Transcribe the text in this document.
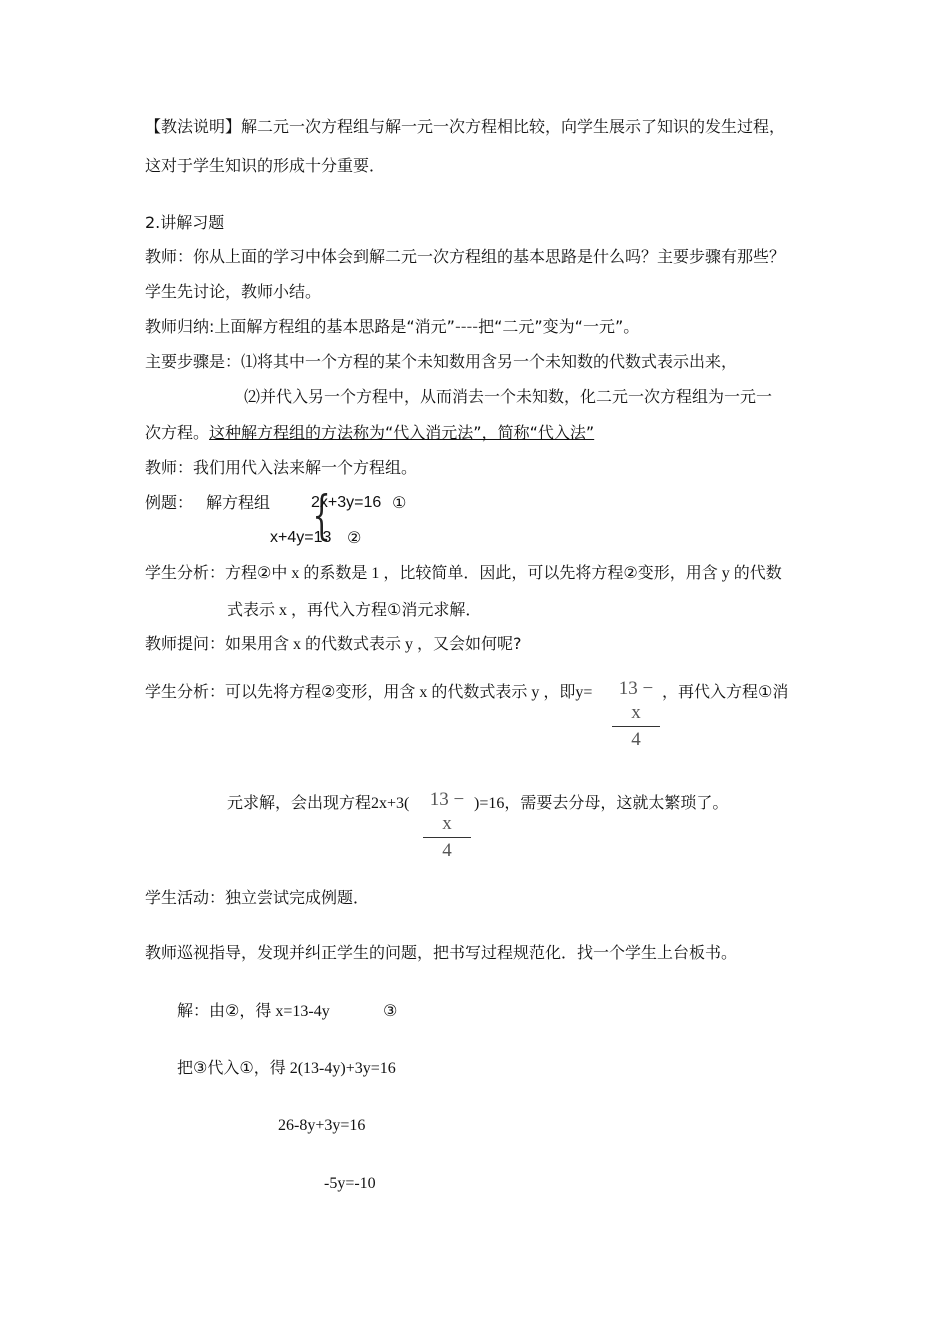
【教法说明】解二元一次方程组与解一元一次方程相比较，向学生展示了知识的发生过程，
这对于学生知识的形成十分重要．
2.讲解习题
教师：你从上面的学习中体会到解二元一次方程组的基本思路是什么吗？主要步骤有那些？
学生先讨论，教师小结。
教师归纳:上面解方程组的基本思路是“消元”----把“二元”变为“一元”。
主要步骤是：⑴将其中一个方程的某个未知数用含另一个未知数的代数式表示出来，
⑵并代入另一个方程中，从而消去一个未知数，化二元一次方程组为一元一
次方程。这种解方程组的方法称为“代入消元法”，简称“代入法”
教师：我们用代入法来解一个方程组。
例题： 解方程组 {
2x+3y=16 ①
x+4y=13 ②
学生分析：方程②中 x 的系数是 1 ，比较简单．因此，可以先将方程②变形，用含 y 的代数
式表示 x ，再代入方程①消元求解．
教师提问：如果用含 x 的代数式表示 y ，又会如何呢?
学生分析：可以先将方程②变形，用含 x 的代数式表示 y ，即y=	13 − x
4
，再代入方程①消
元求解，会出现方程2x+3(	13 − x
4
)=16，需要去分母，这就太繁琐了。
学生活动：独立尝试完成例题．
教师巡视指导，发现并纠正学生的问题，把书写过程规范化．找一个学生上台板书。
解：由②，得 x=13-4y	③
把③代入①，得 2(13-4y)+3y=16
26-8y+3y=16
-5y=-10
